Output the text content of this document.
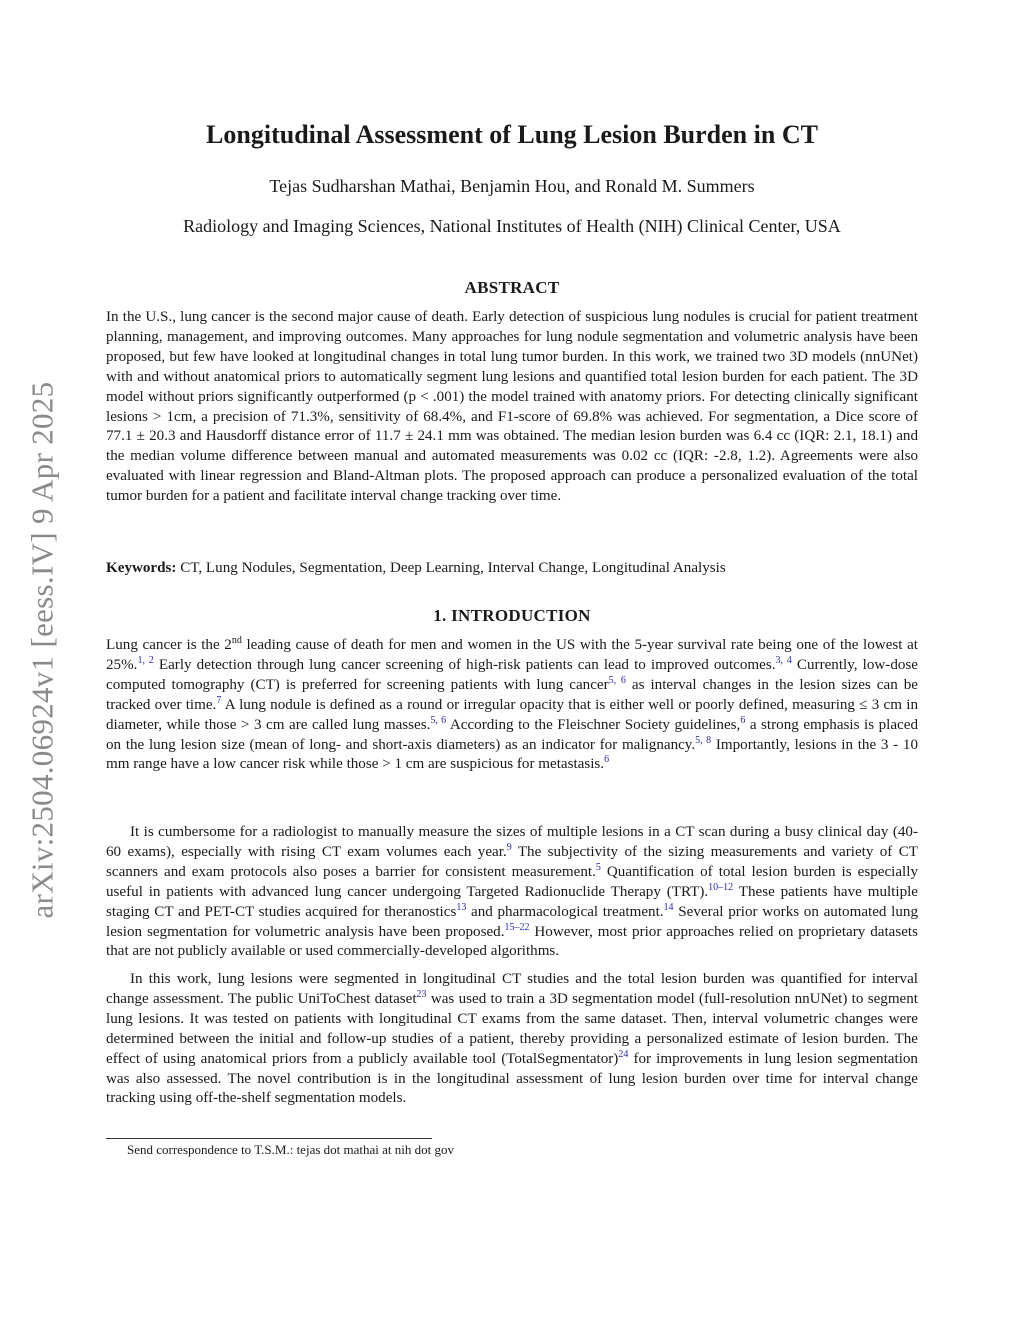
arXiv:2504.06924v1 [eess.IV] 9 Apr 2025
Longitudinal Assessment of Lung Lesion Burden in CT

Tejas Sudharshan Mathai, Benjamin Hou, and Ronald M. Summers

Radiology and Imaging Sciences, National Institutes of Health (NIH) Clinical Center, USA

ABSTRACT

In the U.S., lung cancer is the second major cause of death. Early detection of suspicious lung nodules is crucial for patient treatment planning, management, and improving outcomes. Many approaches for lung nodule segmentation and volumetric analysis have been proposed, but few have looked at longitudinal changes in total lung tumor burden. In this work, we trained two 3D models (nnUNet) with and without anatomical priors to automatically segment lung lesions and quantified total lesion burden for each patient. The 3D model without priors significantly outperformed (p < .001) the model trained with anatomy priors. For detecting clinically significant lesions > 1cm, a precision of 71.3%, sensitivity of 68.4%, and F1-score of 69.8% was achieved. For segmentation, a Dice score of 77.1 ± 20.3 and Hausdorff distance error of 11.7 ± 24.1 mm was obtained. The median lesion burden was 6.4 cc (IQR: 2.1, 18.1) and the median volume difference between manual and automated measurements was 0.02 cc (IQR: -2.8, 1.2). Agreements were also evaluated with linear regression and Bland-Altman plots. The proposed approach can produce a personalized evaluation of the total tumor burden for a patient and facilitate interval change tracking over time.

Keywords: CT, Lung Nodules, Segmentation, Deep Learning, Interval Change, Longitudinal Analysis

1. INTRODUCTION

Lung cancer is the 2nd leading cause of death for men and women in the US with the 5-year survival rate being one of the lowest at 25%.$^{1, 2}$ Early detection through lung cancer screening of high-risk patients can lead to improved outcomes.$^{3, 4}$ Currently, low-dose computed tomography (CT) is preferred for screening patients with lung cancer$^{5, 6}$ as interval changes in the lesion sizes can be tracked over time.$^7$ A lung nodule is defined as a round or irregular opacity that is either well or poorly defined, measuring ≤ 3 cm in diameter, while those > 3 cm are called lung masses.$^{5, 6}$ According to the Fleischner Society guidelines,$^6$ a strong emphasis is placed on the lung lesion size (mean of long- and short-axis diameters) as an indicator for malignancy.$^{5, 8}$ Importantly, lesions in the 3 - 10 mm range have a low cancer risk while those > 1 cm are suspicious for metastasis.$^6$

It is cumbersome for a radiologist to manually measure the sizes of multiple lesions in a CT scan during a busy clinical day (40-60 exams), especially with rising CT exam volumes each year.$^9$ The subjectivity of the sizing measurements and variety of CT scanners and exam protocols also poses a barrier for consistent measurement.$^5$ Quantification of total lesion burden is especially useful in patients with advanced lung cancer undergoing Targeted Radionuclide Therapy (TRT).$^{10-12}$ These patients have multiple staging CT and PET-CT studies acquired for theranostics$^{13}$ and pharmacological treatment.$^{14}$ Several prior works on automated lung lesion segmentation for volumetric analysis have been proposed.$^{15-22}$ However, most prior approaches relied on proprietary datasets that are not publicly available or used commercially-developed algorithms.

In this work, lung lesions were segmented in longitudinal CT studies and the total lesion burden was quantified for interval change assessment. The public UniToChest dataset$^{23}$ was used to train a 3D segmentation model (full-resolution nnUNet) to segment lung lesions. It was tested on patients with longitudinal CT exams from the same dataset. Then, interval volumetric changes were determined between the initial and follow-up studies of a patient, thereby providing a personalized estimate of lesion burden. The effect of using anatomical priors from a publicly available tool (TotalSegmentator)$^{24}$ for improvements in lung lesion segmentation was also assessed. The novel contribution is in the longitudinal assessment of lung lesion burden over time for interval change tracking using off-the-shelf segmentation models.

Send correspondence to T.S.M.: tejas dot mathai at nih dot gov
